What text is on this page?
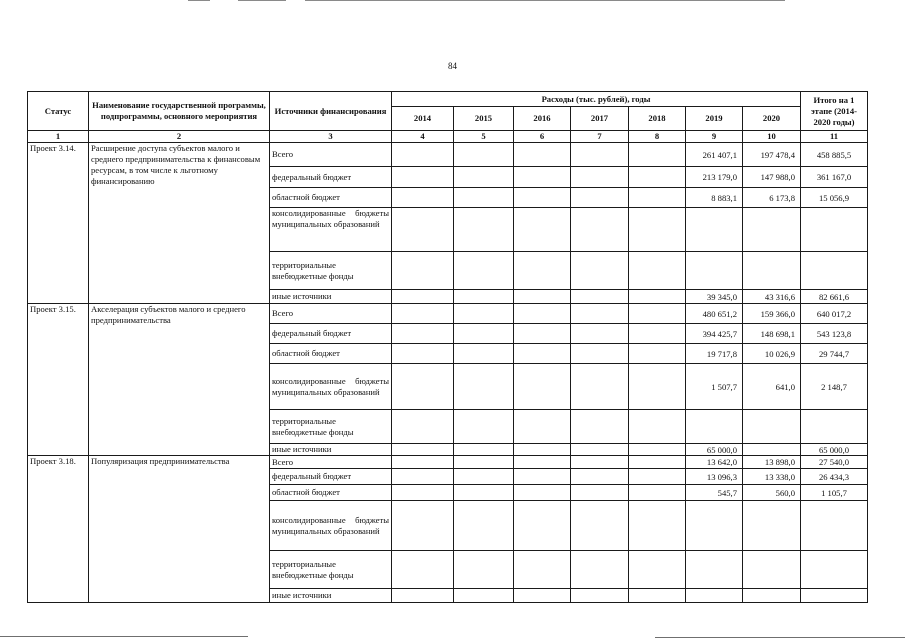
84
Статус	Наименование государственной программы, подпрограммы, основного мероприятия	Источники финансирования	Расходы (тыс. рублей), годы							Итого на 1 этапе (2014-2020 годы)
			2014	2015	2016	2017	2018	2019	2020	
1	2	3	4	5	6	7	8	9	10	11
Проект 3.14.	Расширение доступа субъектов малого и среднего предпринимательства к финансовым ресурсам, в том числе к льготному финансированию	Всего						261 407,1	197 478,4	458 885,5
		федеральный бюджет						213 179,0	147 988,0	361 167,0
		областной бюджет						8 883,1	6 173,8	15 056,9
		консолидированные бюджеты муниципальных образований								
		территориальные внебюджетные фонды								
		иные источники						39 345,0	43 316,6	82 661,6
Проект 3.15.	Акселерация субъектов малого и среднего предпринимательства	Всего						480 651,2	159 366,0	640 017,2
		федеральный бюджет						394 425,7	148 698,1	543 123,8
		областной бюджет						19 717,8	10 026,9	29 744,7
		консолидированные бюджеты муниципальных образований						1 507,7	641,0	2 148,7
		территориальные внебюджетные фонды								
		иные источники						65 000,0		65 000,0
Проект 3.18.	Популяризация предпринимательства	Всего						13 642,0	13 898,0	27 540,0
		федеральный бюджет						13 096,3	13 338,0	26 434,3
		областной бюджет						545,7	560,0	1 105,7
		консолидированные бюджеты муниципальных образований								
		территориальные внебюджетные фонды								
		иные источники								
